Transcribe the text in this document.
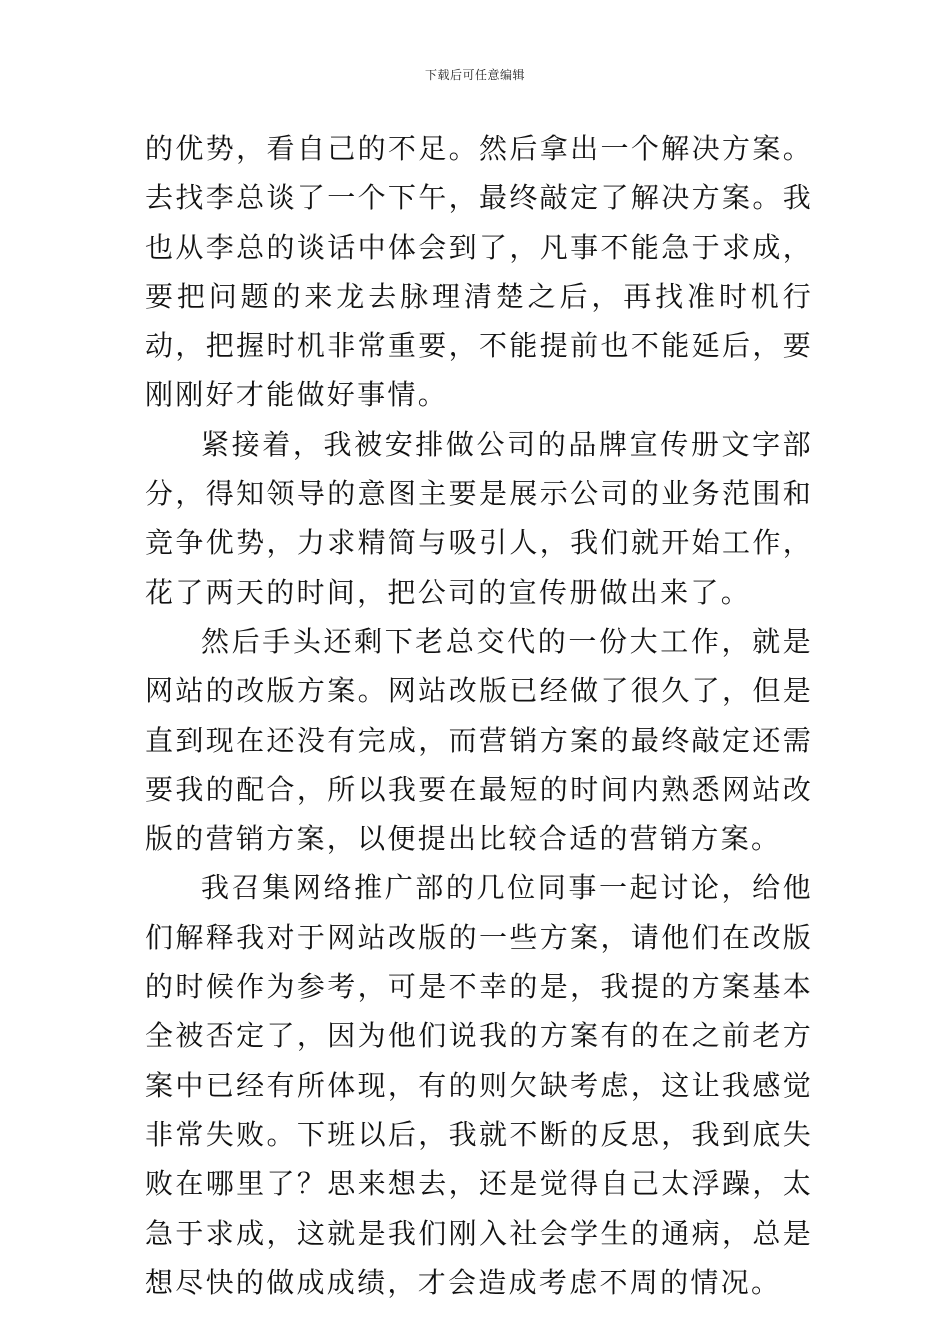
下载后可任意编辑

的优势，看自己的不足。然后拿出一个解决方案。去找李总谈了一个下午，最终敲定了解决方案。我也从李总的谈话中体会到了，凡事不能急于求成，要把问题的来龙去脉理清楚之后，再找准时机行动，把握时机非常重要，不能提前也不能延后，要刚刚好才能做好事情。

紧接着，我被安排做公司的品牌宣传册文字部分，得知领导的意图主要是展示公司的业务范围和竞争优势，力求精简与吸引人，我们就开始工作，花了两天的时间，把公司的宣传册做出来了。

然后手头还剩下老总交代的一份大工作，就是网站的改版方案。网站改版已经做了很久了，但是直到现在还没有完成，而营销方案的最终敲定还需要我的配合，所以我要在最短的时间内熟悉网站改版的营销方案，以便提出比较合适的营销方案。

我召集网络推广部的几位同事一起讨论，给他们解释我对于网站改版的一些方案，请他们在改版的时候作为参考，可是不幸的是，我提的方案基本全被否定了，因为他们说我的方案有的在之前老方案中已经有所体现，有的则欠缺考虑，这让我感觉非常失败。下班以后，我就不断的反思，我到底失败在哪里了？思来想去，还是觉得自己太浮躁，太急于求成，这就是我们刚入社会学生的通病，总是想尽快的做成成绩，才会造成考虑不周的情况。
